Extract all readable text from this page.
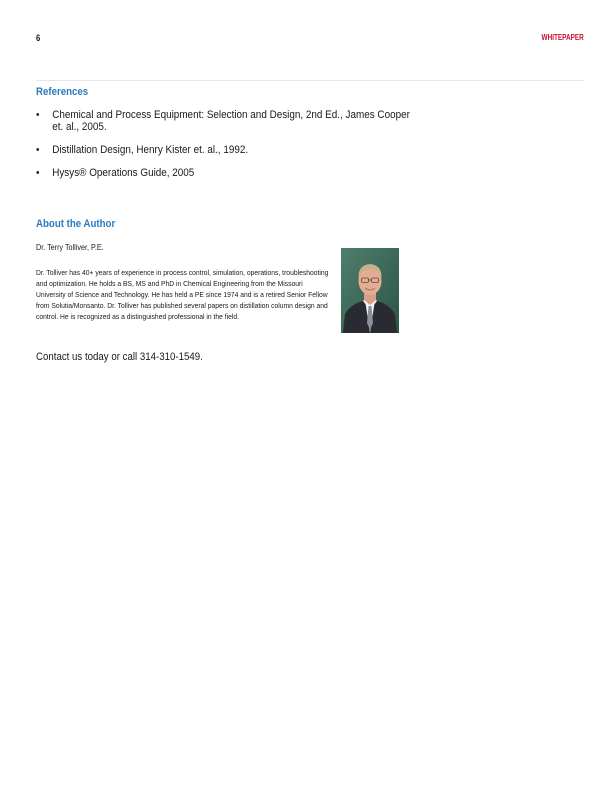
6	WHITEPAPER
References
• Chemical and Process Equipment: Selection and Design, 2nd Ed., James Cooper et. al., 2005.
• Distillation Design, Henry Kister et. al., 1992.
• Hysys® Operations Guide, 2005
About the Author
Dr. Terry Tolliver, P.E.

Dr. Tolliver has 40+ years of experience in process control, simulation, operations, troubleshooting and optimization. He holds a BS, MS and PhD in Chemical Engineering from the Missouri University of Science and Technology. He has held a PE since 1974 and is a retired Senior Fellow from Solutia/Monsanto. Dr. Tolliver has published several papers on distillation column design and control. He is recognized as a distinguished professional in the field.

Contact us today or call 314-310-1549.
